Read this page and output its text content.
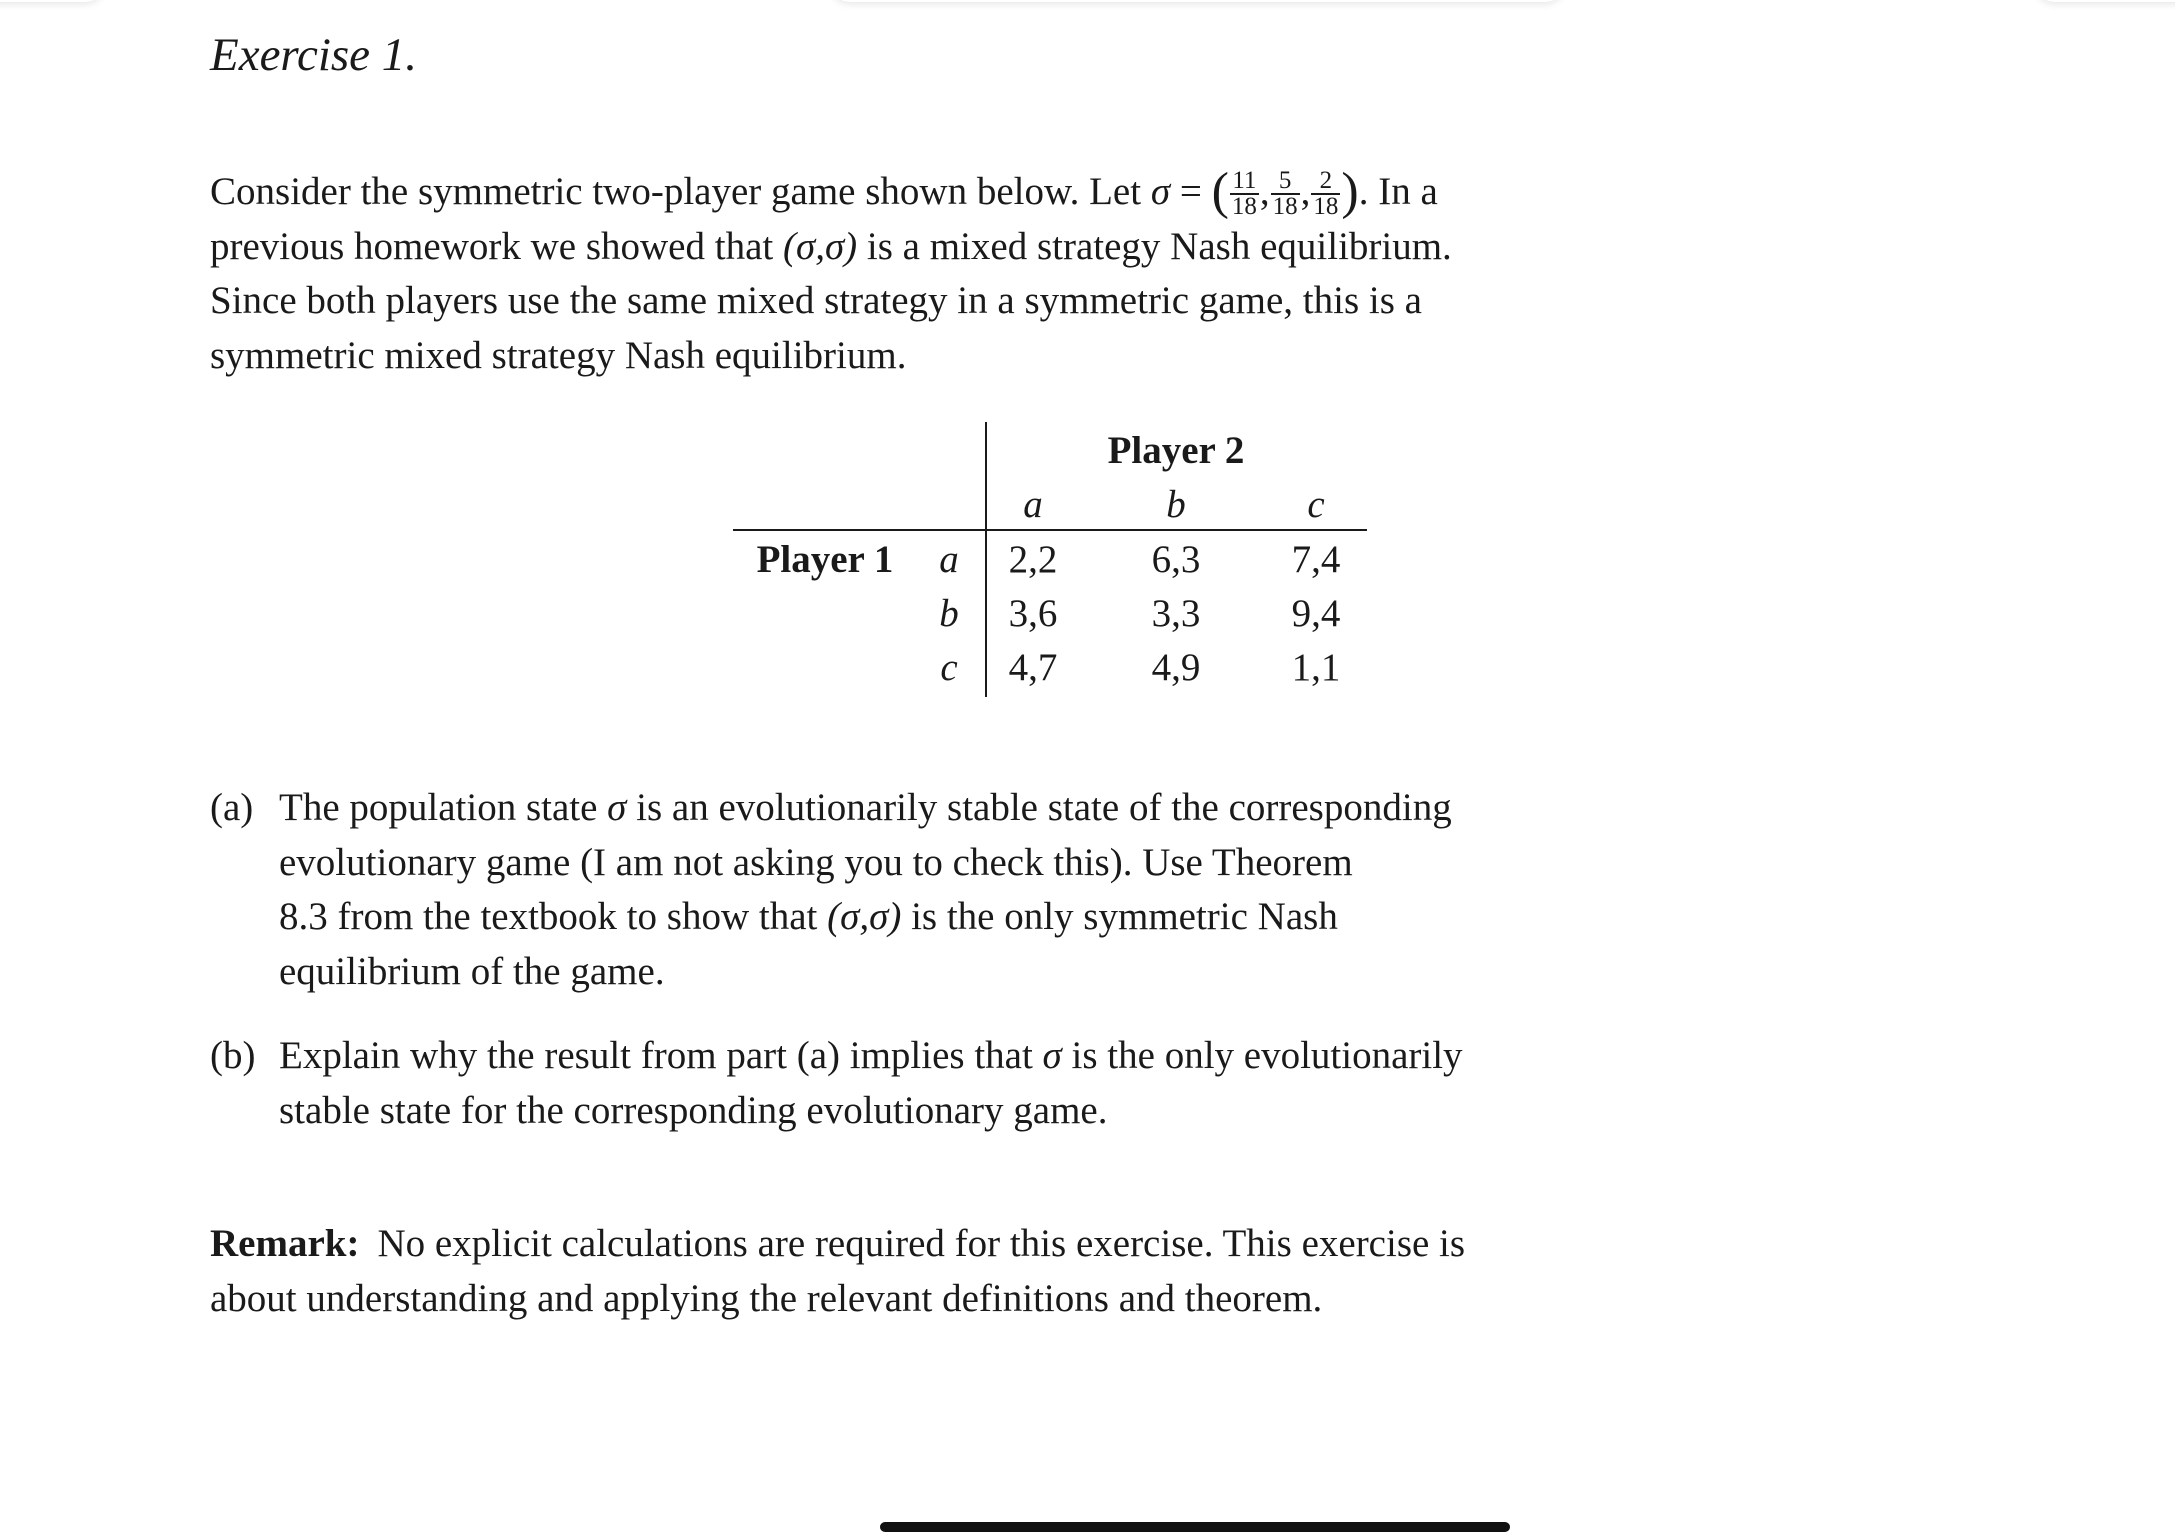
Exercise 1.
Consider the symmetric two-player game shown below. Let σ = ( $\frac{11}{18}$ , $\frac{5}{18}$ , $\frac{2}{18}$ ). In a
previous homework we showed that (σ,σ) is a mixed strategy Nash equilibrium.
Since both players use the same mixed strategy in a symmetric game, this is a
symmetric mixed strategy Nash equilibrium.
Player 2
a	b	c
Player 1 a 2,2 6,3 7,4
b 3,6 3,3 9,4
c 4,7 4,9 1,1
(a) The population state σ is an evolutionarily stable state of the corresponding
evolutionary game (I am not asking you to check this). Use Theorem
8.3 from the textbook to show that (σ,σ) is the only symmetric Nash
equilibrium of the game.
(b) Explain why the result from part (a) implies that σ is the only evolutionarily
stable state for the corresponding evolutionary game.
Remark: No explicit calculations are required for this exercise. This exercise is
about understanding and applying the relevant definitions and theorem.
